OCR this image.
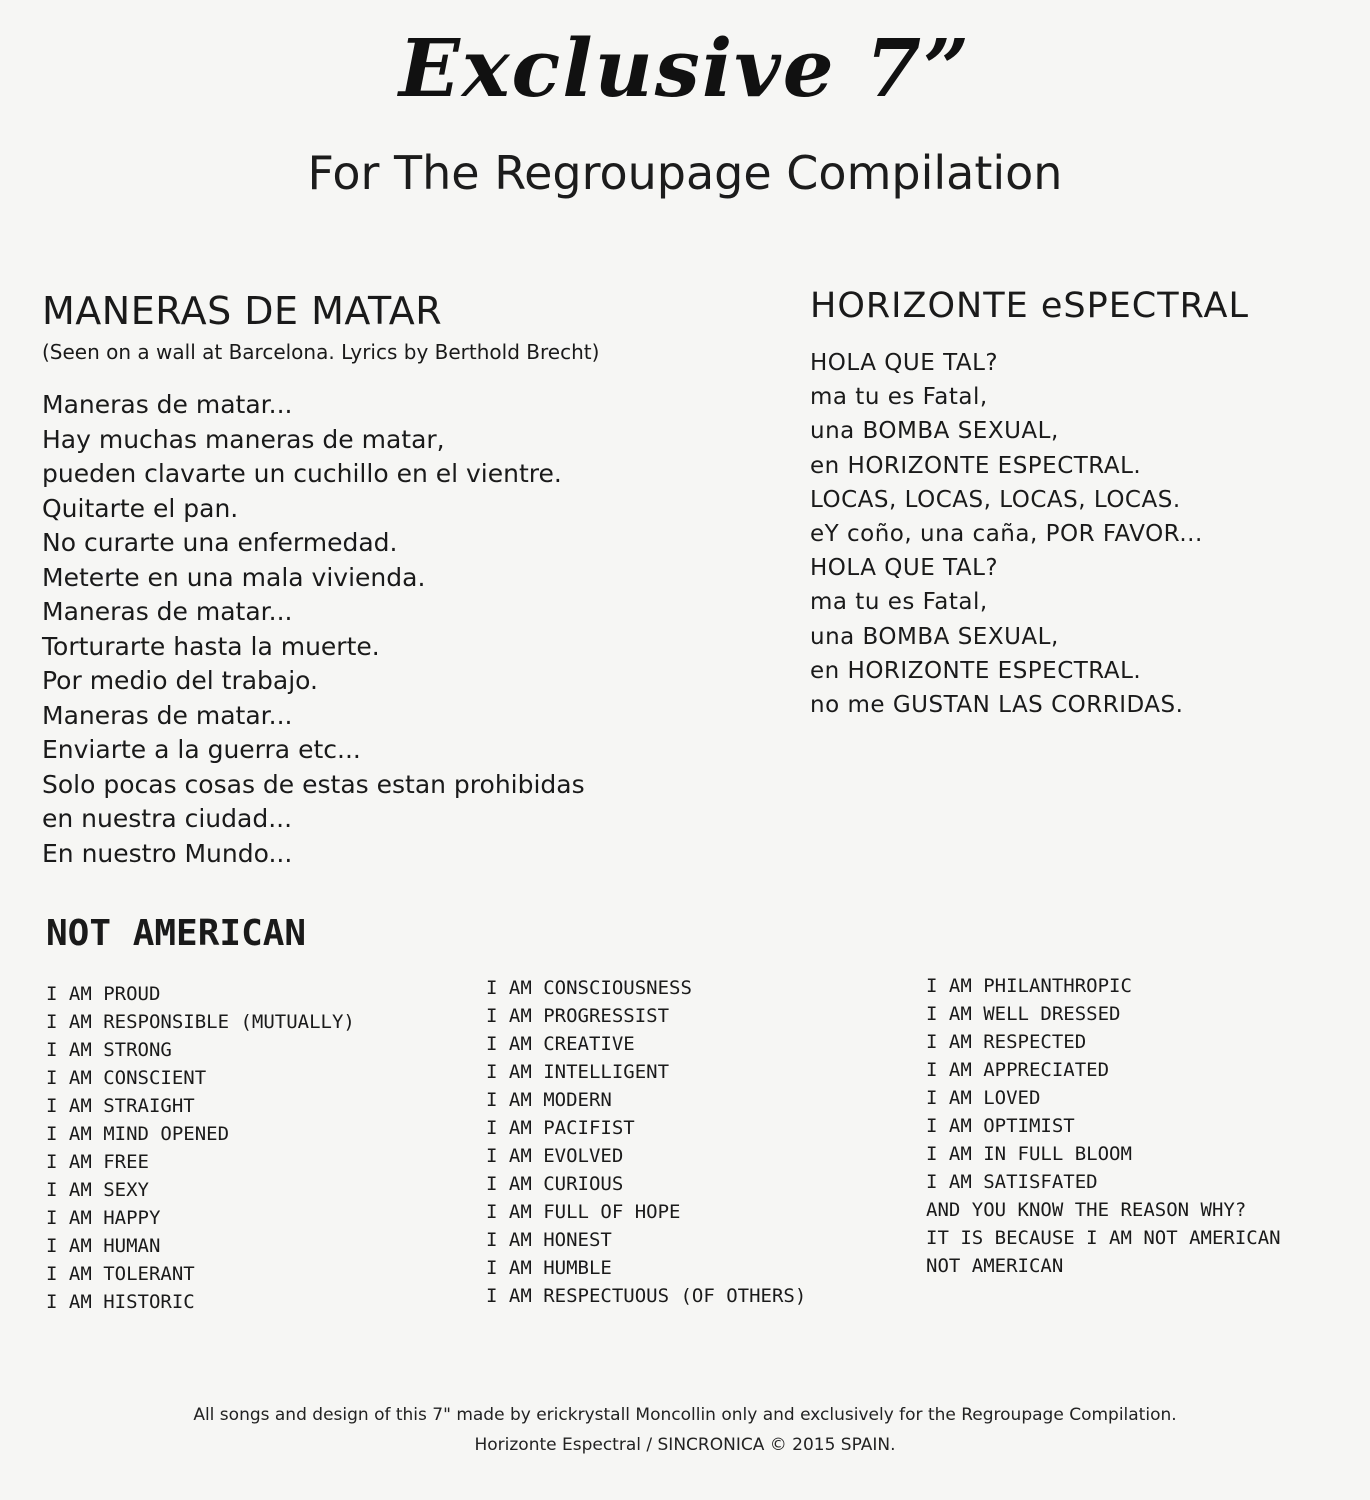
Exclusive 7”
For The Regroupage Compilation
MANERAS DE MATAR
(Seen on a wall at Barcelona. Lyrics by Berthold Brecht)
Maneras de matar...
Hay muchas maneras de matar,
pueden clavarte un cuchillo en el vientre.
Quitarte el pan.
No curarte una enfermedad.
Meterte en una mala vivienda.
Maneras de matar...
Torturarte hasta la muerte.
Por medio del trabajo.
Maneras de matar...
Enviarte a la guerra etc...
Solo pocas cosas de estas estan prohibidas
en nuestra ciudad...
En nuestro Mundo...
HORIZONTE eSPECTRAL
HOLA QUE TAL?
ma tu es Fatal,
una BOMBA SEXUAL,
en HORIZONTE ESPECTRAL.
LOCAS, LOCAS, LOCAS, LOCAS.
eY coño, una caña, POR FAVOR...
HOLA QUE TAL?
ma tu es Fatal,
una BOMBA SEXUAL,
en HORIZONTE ESPECTRAL.
no me GUSTAN LAS CORRIDAS.
NOT AMERICAN
I AM PROUD
I AM RESPONSIBLE (MUTUALLY)
I AM STRONG
I AM CONSCIENT
I AM STRAIGHT
I AM MIND OPENED
I AM FREE
I AM SEXY
I AM HAPPY
I AM HUMAN
I AM TOLERANT
I AM HISTORIC
I AM CONSCIOUSNESS
I AM PROGRESSIST
I AM CREATIVE
I AM INTELLIGENT
I AM MODERN
I AM PACIFIST
I AM EVOLVED
I AM CURIOUS
I AM FULL OF HOPE
I AM HONEST
I AM HUMBLE
I AM RESPECTUOUS (OF OTHERS)
I AM PHILANTHROPIC
I AM WELL DRESSED
I AM RESPECTED
I AM APPRECIATED
I AM LOVED
I AM OPTIMIST
I AM IN FULL BLOOM
I AM SATISFATED
AND YOU KNOW THE REASON WHY?
IT IS BECAUSE I AM NOT AMERICAN
NOT AMERICAN
All songs and design of this 7" made by erickrystall Moncollin only and exclusively for the Regroupage Compilation.
Horizonte Espectral / SINCRONICA © 2015 SPAIN.
